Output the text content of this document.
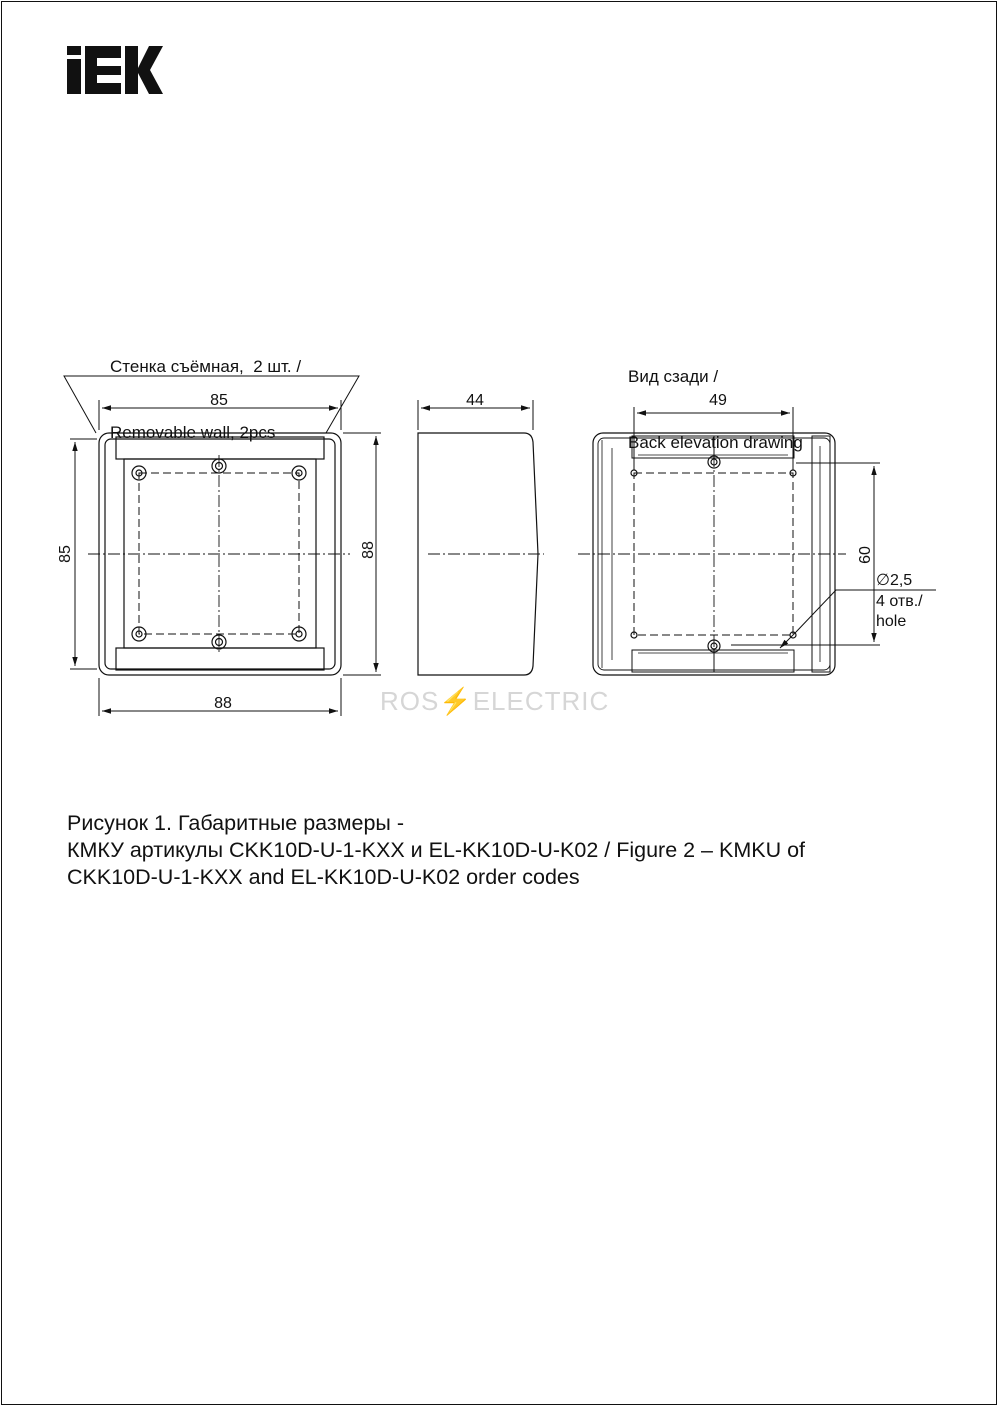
Стенка съёмная,  2 шт. /

Removable wall, 2pcs

Вид сзади /

Back elevation drawing

85
85	88
88
44	49
60
∅2,5
4 отв./
hole
ROS⚡ELECTRIC
Рисунок 1. Габаритные размеры -
КМКУ артикулы CKK10D-U-1-KXX и EL-KK10D-U-K02 / Figure 2 – KMKU of
CKK10D-U-1-KXX and EL-KK10D-U-K02 order codes
